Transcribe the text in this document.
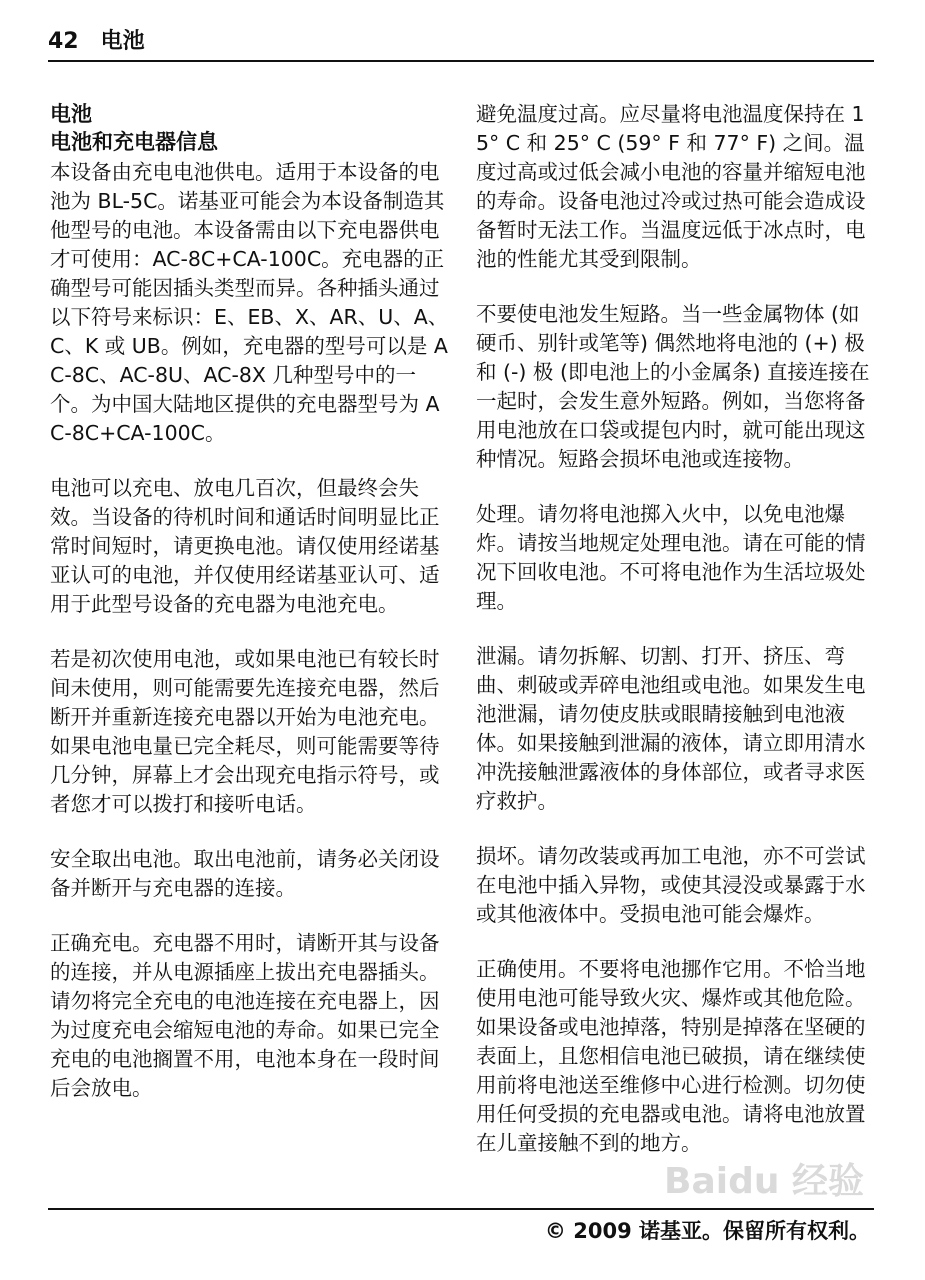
42 电池
电池
电池和充电器信息

本设备由充电电池供电。适用于本设备的电池为 BL-5C。诺基亚可能会为本设备制造其他型号的电池。本设备需由以下充电器供电才可使用：AC-8C+CA-100C。充电器的正确型号可能因插头类型而异。各种插头通过以下符号来标识：E、EB、X、AR、U、A、C、K 或 UB。例如，充电器的型号可以是 AC-8C、AC-8U、AC-8X 几种型号中的一个。为中国大陆地区提供的充电器型号为 AC-8C+CA-100C。

电池可以充电、放电几百次，但最终会失效。当设备的待机时间和通话时间明显比正常时间短时，请更换电池。请仅使用经诺基亚认可的电池，并仅使用经诺基亚认可、适用于此型号设备的充电器为电池充电。

若是初次使用电池，或如果电池已有较长时间未使用，则可能需要先连接充电器，然后断开并重新连接充电器以开始为电池充电。如果电池电量已完全耗尽，则可能需要等待几分钟，屏幕上才会出现充电指示符号，或者您才可以拨打和接听电话。

安全取出电池。取出电池前，请务必关闭设备并断开与充电器的连接。

正确充电。充电器不用时，请断开其与设备的连接，并从电源插座上拔出充电器插头。请勿将完全充电的电池连接在充电器上，因为过度充电会缩短电池的寿命。如果已完全充电的电池搁置不用，电池本身在一段时间后会放电。

避免温度过高。应尽量将电池温度保持在 15° C 和 25° C (59° F 和 77° F) 之间。温度过高或过低会减小电池的容量并缩短电池的寿命。设备电池过冷或过热可能会造成设备暂时无法工作。当温度远低于冰点时，电池的性能尤其受到限制。

不要使电池发生短路。当一些金属物体 (如硬币、别针或笔等) 偶然地将电池的 (+) 极和 (-) 极 (即电池上的小金属条) 直接连接在一起时，会发生意外短路。例如，当您将备用电池放在口袋或提包内时，就可能出现这种情况。短路会损坏电池或连接物。

处理。请勿将电池掷入火中，以免电池爆炸。请按当地规定处理电池。请在可能的情况下回收电池。不可将电池作为生活垃圾处理。

泄漏。请勿拆解、切割、打开、挤压、弯曲、刺破或弄碎电池组或电池。如果发生电池泄漏，请勿使皮肤或眼睛接触到电池液体。如果接触到泄漏的液体，请立即用清水冲洗接触泄露液体的身体部位，或者寻求医疗救护。

损坏。请勿改装或再加工电池，亦不可尝试在电池中插入异物，或使其浸没或暴露于水或其他液体中。受损电池可能会爆炸。

正确使用。不要将电池挪作它用。不恰当地使用电池可能导致火灾、爆炸或其他危险。如果设备或电池掉落，特别是掉落在坚硬的表面上，且您相信电池已破损，请在继续使用前将电池送至维修中心进行检测。切勿使用任何受损的充电器或电池。请将电池放置在儿童接触不到的地方。

Baidu 经验
© 2009 诺基亚。保留所有权利。
